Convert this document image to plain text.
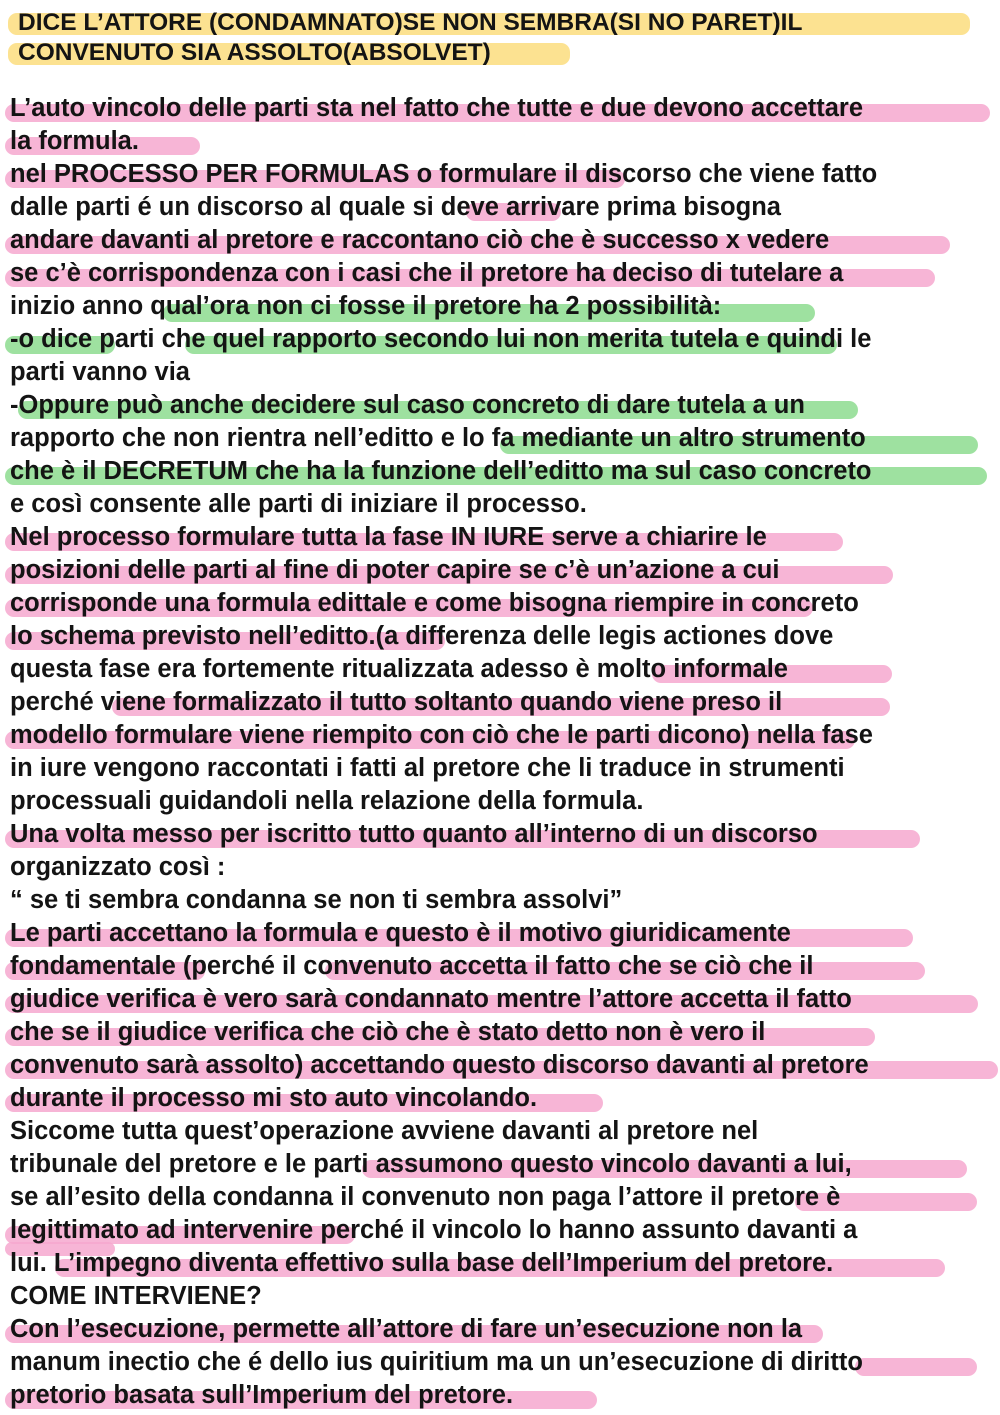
DICE L’ATTORE (CONDAMNATO)SE NON SEMBRA(SI NO PARET)IL
CONVENUTO SIA ASSOLTO(ABSOLVET)
L’auto vincolo delle parti sta nel fatto che tutte e due devono accettare
la formula.
nel PROCESSO PER FORMULAS o formulare il discorso che viene fatto
dalle parti é un discorso al quale si deve arrivare prima bisogna
andare davanti al pretore e raccontano ciò che è successo x vedere
se c’è corrispondenza con i casi che il pretore ha deciso di tutelare a
inizio anno qual’ora non ci fosse il pretore ha 2 possibilità:
-o dice parti che quel rapporto secondo lui non merita tutela e quindi le
parti vanno via
-Oppure può anche decidere sul caso concreto di dare tutela a un
rapporto che non rientra nell’editto e lo fa mediante un altro strumento
che è il DECRETUM che ha la funzione dell’editto ma sul caso concreto
e così consente alle parti di iniziare il processo.
Nel processo formulare tutta la fase IN IURE serve a chiarire le
posizioni delle parti al fine di poter capire se c’è un’azione a cui
corrisponde una formula edittale e come bisogna riempire in concreto
lo schema previsto nell’editto.(a differenza delle legis actiones dove
questa fase era fortemente ritualizzata adesso è molto informale
perché viene formalizzato il tutto soltanto quando viene preso il
modello formulare viene riempito con ciò che le parti dicono) nella fase
in iure vengono raccontati i fatti al pretore che li traduce in strumenti
processuali guidandoli nella relazione della formula.
Una volta messo per iscritto tutto quanto all’interno di un discorso
organizzato così :
“ se ti sembra condanna se non ti sembra assolvi”
Le parti accettano la formula e questo è il motivo giuridicamente
fondamentale (perché il convenuto accetta il fatto che se ciò che il
giudice verifica è vero sarà condannato mentre l’attore accetta il fatto
che se il giudice verifica che ciò che è stato detto non è vero il
convenuto sarà assolto) accettando questo discorso davanti al pretore
durante il processo mi sto auto vincolando.
Siccome tutta quest’operazione avviene davanti al pretore nel
tribunale del pretore e le parti assumono questo vincolo davanti a lui,
se all’esito della condanna il convenuto non paga l’attore il pretore è
legittimato ad intervenire perché il vincolo lo hanno assunto davanti a
lui. L’impegno diventa effettivo sulla base dell’Imperium del pretore.
COME INTERVIENE?
Con l’esecuzione, permette all’attore di fare un’esecuzione non la
manum inectio che é dello ius quiritium ma un un’esecuzione di diritto
pretorio basata sull’Imperium del pretore.
